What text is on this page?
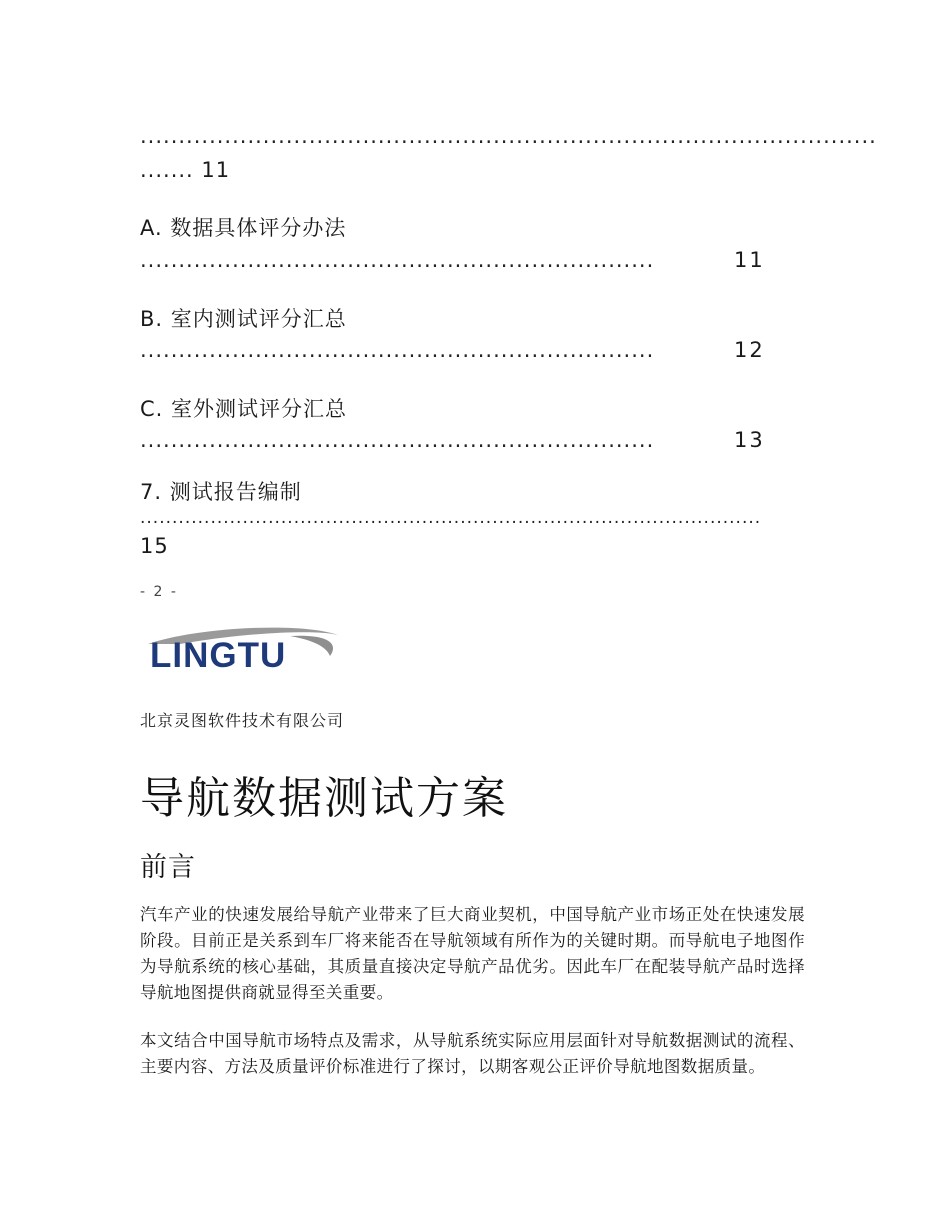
................................................................................................
....... 11
A. 数据具体评分办法
...................................................................	11
B. 室内测试评分汇总
...................................................................	12
C. 室外测试评分汇总
...................................................................	13
7. 测试报告编制
.................................................................................................
15
- 2 -
LINGTU
北京灵图软件技术有限公司
导航数据测试方案
前言
汽车产业的快速发展给导航产业带来了巨大商业契机，中国导航产业市场正处在快速发展阶段。目前正是关系到车厂将来能否在导航领域有所作为的关键时期。而导航电子地图作为导航系统的核心基础，其质量直接决定导航产品优劣。因此车厂在配装导航产品时选择导航地图提供商就显得至关重要。
本文结合中国导航市场特点及需求，从导航系统实际应用层面针对导航数据测试的流程、主要内容、方法及质量评价标准进行了探讨，以期客观公正评价导航地图数据质量。
